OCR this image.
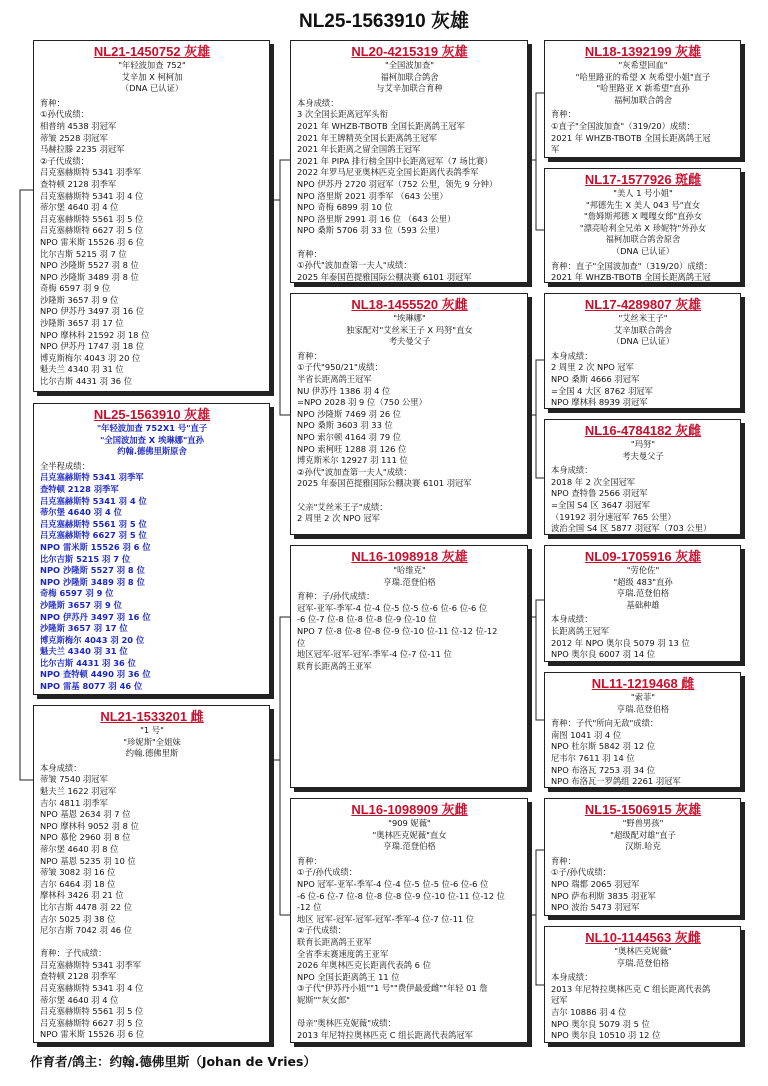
NL25-1563910 灰雄
NL21-1450752 灰雄
"年轻波加查 752"
艾辛加 X 柯柯加
（DNA 已认证）
育种：
①孙代成绩：
相普纳 4538 羽冠军
蒂皱 2528 羽冠军
马赫拉滕 2235 羽冠军
②子代成绩：
吕克塞赫斯特 5341 羽季军
查特顿 2128 羽季军
吕克塞赫斯特 5341 羽 4 位
蒂尔堡 4640 羽 4 位
吕克塞赫斯特 5561 羽 5 位
吕克塞赫斯特 6627 羽 5 位
NPO 雷米斯 15526 羽 6 位
比尔吉斯 5215 羽 7 位
NPO 沙隆斯 5527 羽 8 位
NPO 沙隆斯 3489 羽 8 位
奇梅 6597 羽 9 位
沙隆斯 3657 羽 9 位
NPO 伊苏丹 3497 羽 16 位
沙隆斯 3657 羽 17 位
NPO 摩林科 21592 羽 18 位
NPO 伊苏丹 1747 羽 18 位
博克斯梅尔 4043 羽 20 位
魁夫兰 4340 羽 31 位
比尔吉斯 4431 羽 36 位
NL25-1563910 灰雄
"年轻波加查 752X1 号"直子
"全国波加查 X 埃琳娜"直孙
约翰.德佛里斯原舍
全半程成绩：
吕克塞赫斯特 5341 羽季军
查特顿 2128 羽季军
吕克塞赫斯特 5341 羽 4 位
蒂尔堡 4640 羽 4 位
吕克塞赫斯特 5561 羽 5 位
吕克塞赫斯特 6627 羽 5 位
NPO 雷米斯 15526 羽 6 位
比尔吉斯 5215 羽 7 位
NPO 沙隆斯 5527 羽 8 位
NPO 沙隆斯 3489 羽 8 位
奇梅 6597 羽 9 位
沙隆斯 3657 羽 9 位
NPO 伊苏丹 3497 羽 16 位
沙隆斯 3657 羽 17 位
博克斯梅尔 4043 羽 20 位
魁夫兰 4340 羽 31 位
比尔吉斯 4431 羽 36 位
NPO 查特顿 4490 羽 36 位
NPO 雷基 8077 羽 46 位
NL21-1533201 雌
"1 号"
"珍妮斯"全姐妹
约翰.德佛里斯
本身成绩：
蒂皱 7540 羽冠军
魁夫兰 1622 羽冠军
吉尔 4811 羽季军
NPO 基恩 2634 羽 7 位
NPO 摩林科 9052 羽 8 位
NPO 慕伦 2960 羽 8 位
蒂尔堡 4640 羽 8 位
NPO 基恩 5235 羽 10 位
蒂皱 3082 羽 16 位
吉尔 6464 羽 18 位
摩林科 3426 羽 21 位
比尔吉斯 4478 羽 22 位
吉尔 5025 羽 38 位
尼尔吉斯 7042 羽 46 位
育种：子代成绩：
吕克塞赫斯特 5341 羽季军
查特顿 2128 羽季军
吕克塞赫斯特 5341 羽 4 位
蒂尔堡 4640 羽 4 位
吕克塞赫斯特 5561 羽 5 位
吕克塞赫斯特 6627 羽 5 位
NPO 雷米斯 15526 羽 6 位
NL20-4215319 灰雄
"全国波加查"
福柯加联合鸽舍
与艾辛加联合育种
本身成绩：
3 次全国长距离冠军头衔
2021 年 WHZB-TBOTB 全国长距离鸽王冠军
2021 年王牌精英全国长距离鸽王冠军
2021 年长距离之留全国鸽王冠军
2021 年 PIPA 排行榜全国中长距离冠军（7 场比赛）
2022 年罗马尼亚奥林匹克全国长距离代表鸽季军
NPO 伊苏丹 2720 羽冠军（752 公里，领先 9 分钟）
NPO 洛里斯 2021 羽季军 （643 公里）
NPO 奇梅 6899 羽 10 位
NPO 洛里斯 2991 羽 16 位 （643 公里）
NPO 桑斯 5706 羽 33 位（593 公里）
育种：
①孙代"波加查第一夫人"成绩：
2025 年泰国芭提雅国际公棚决赛 6101 羽冠军
NL18-1455520 灰雌
"埃琳娜"
独家配对"艾丝米王子 X 玛努"直女
考夫曼父子
育种：
①子代"950/21"成绩：
半省长距离鸽王冠军
NU 伊苏丹 1386 羽 4 位
=NPO 2028 羽 9 位（750 公里）
NPO 沙隆斯 7469 羽 26 位
NPO 桑斯 3603 羽 33 位
NPO 索尔顿 4164 羽 79 位
NPO 索柯旺 1288 羽 126 位
博克斯米尔 12927 羽 111 位
②孙代"波加查第一夫人"成绩：
2025 年泰国芭提雅国际公棚决赛 6101 羽冠军
父亲"艾丝米王子"成绩：
2 周里 2 次 NPO 冠军
NL16-1098918 灰雄
"哈维克"
亨瑞.范登伯格
育种：子/孙代成绩：
冠军-亚军-季军-4 位-4 位-5 位-5 位-6 位-6 位-6 位
-6 位-7 位-8 位-8 位-8 位-9 位-10 位
NPO 7 位-8 位-8 位-8 位-9 位-10 位-11 位-12 位-12
位
地区冠军-冠军-冠军-季军-4 位-7 位-11 位
联育长距离鸽王亚军
NL16-1098909 灰雌
"909 妮薇"
"奥林匹克妮薇"直女
亨瑞.范登伯格
育种：
①子/孙代成绩：
NPO 冠军-亚军-季军-4 位-4 位-5 位-5 位-6 位-6 位
-6 位-6 位-7 位-8 位-8 位-8 位-9 位-10 位-11 位-12 位
-12 位
地区 冠军-冠军-冠军-冠军-季军-4 位-7 位-11 位
②子代成绩：
联育长距离鸽王亚军
全省季末赛速度鸽王亚军
2026 年奥林匹克长距离代表鸽 6 位
NPO 全国长距离鸽王 11 位
③子代"伊苏丹小姐""1 号""费伊最爱雌""年轻 01 詹
妮斯""灰女郎"
母亲"奥林匹克妮薇"成绩：
2013 年尼特拉奥林匹克 C 组长距离代表鸽冠军
NL18-1392199 灰雄
"灰希望回血"
"哈里路亚的希望 X 灰希望小姐"直子
"哈里路亚 X 新希望"直孙
福柯加联合鸽舍
育种：
①直子"全国波加查"（319/20）成绩：
2021 年 WHZB-TBOTB 全国长距离鸽王冠
军
NL17-1577926 斑雌
"美人 1 号小姐"
"邦德先生 X 美人 043 号"直女
"詹姆斯邦德 X 嘎嘎女郎"直孙女
"漂亮哈利全兄弟 X 珍妮特"外孙女
福柯加联合鸽舍原舍
（DNA 已认证）
育种：直子"全国波加查"（319/20）成绩：
2021 年 WHZB-TBOTB 全国长距离鸽王冠
NL17-4289807 灰雄
"艾丝米王子"
艾辛加联合鸽舍
（DNA 已认证）
本身成绩：
2 周里 2 次 NPO 冠军
NPO 桑斯 4666 羽冠军
=全国 4 大区 8762 羽冠军
NPO 摩林科 8939 羽冠军
NL16-4784182 灰雌
"玛努"
考夫曼父子
本身成绩：
2018 年 2 次全国冠军
NPO 查特鲁 2566 羽冠军
=全国 S4 区 3647 羽冠军
（19192 羽分速冠军 765 公里）
波治全国 S4 区 5877 羽冠军（703 公里）
NL09-1705916 灰雄
"劳伦佐"
"超级 483"直孙
亨瑞.范登伯格
基础种雄
本身成绩：
长距离鸽王冠军
2012 年 NPO 奥尔良 5079 羽 13 位
NPO 奥尔良 6007 羽 14 位
NL11-1219468 雌
"索菲"
亨瑞.范登伯格
育种：子代"所向无敌"成绩：
南图 1041 羽 4 位
NPO 杜尔斯 5842 羽 12 位
尼韦尔 7611 羽 14 位
NPO 布洛瓦 7253 羽 34 位
NPO 布洛瓦一罗鸽组 2261 羽冠军
NL15-1506915 灰雄
"野兽男孩"
"超级配对雄"直子
汉斯.哈克
育种：
①子/孙代成绩：
NPO 瑞都 2065 羽冠军
NPO 萨布利斯 3835 羽亚军
NPO 波治 5473 羽冠军
NL10-1144563 灰雌
"奥林匹克妮薇"
亨瑞.范登伯格
本身成绩：
2013 年尼特拉奥林匹克 C 组长距离代表鸽
冠军
吉尔 10886 羽 4 位
NPO 奥尔良 5079 羽 5 位
NPO 奥尔良 10510 羽 12 位
作育者/鸽主：约翰.德佛里斯（Johan de Vries）
